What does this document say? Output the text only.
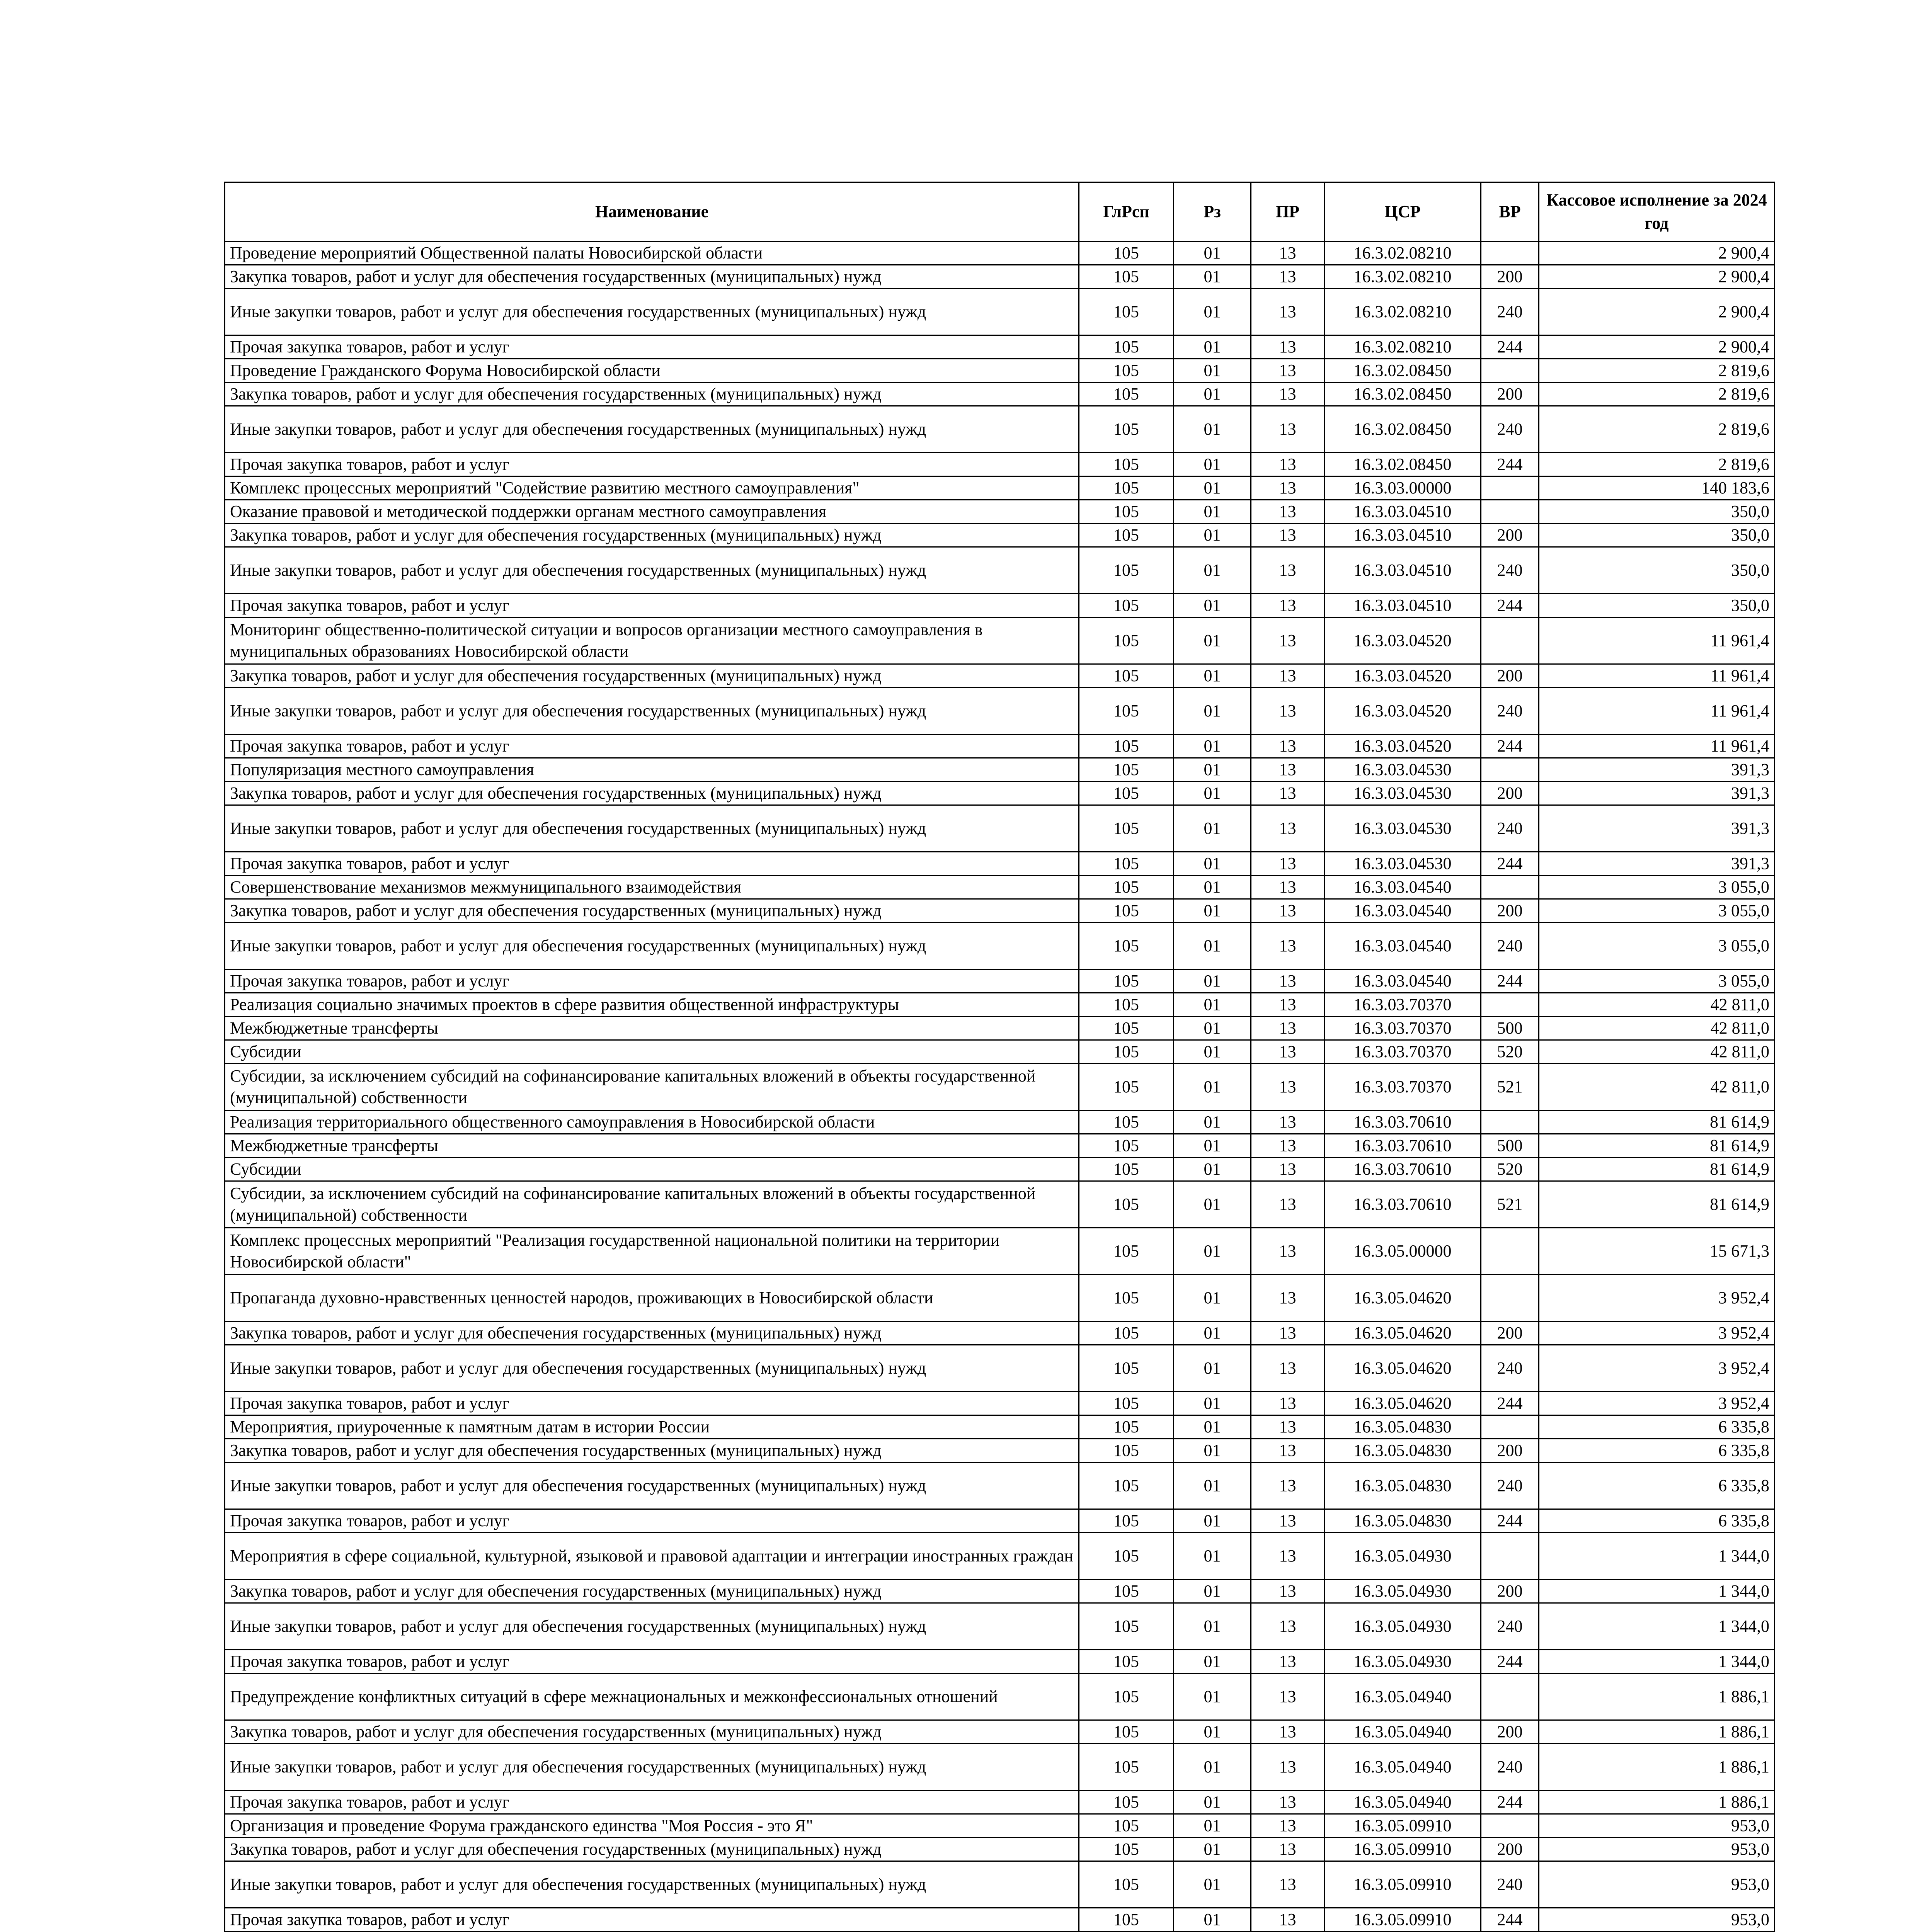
Наименование	ГлРсп	Рз	ПР	ЦСР	ВР	Кассовое исполнение за 2024 год
Проведение мероприятий Общественной палаты Новосибирской области	105	01	13	16.3.02.08210		2 900,4
Закупка товаров, работ и услуг для обеспечения государственных (муниципальных) нужд	105	01	13	16.3.02.08210	200	2 900,4
Иные закупки товаров, работ и услуг для обеспечения государственных (муниципальных) нужд	105	01	13	16.3.02.08210	240	2 900,4
Прочая закупка товаров, работ и услуг	105	01	13	16.3.02.08210	244	2 900,4
Проведение Гражданского Форума Новосибирской области	105	01	13	16.3.02.08450		2 819,6
Закупка товаров, работ и услуг для обеспечения государственных (муниципальных) нужд	105	01	13	16.3.02.08450	200	2 819,6
Иные закупки товаров, работ и услуг для обеспечения государственных (муниципальных) нужд	105	01	13	16.3.02.08450	240	2 819,6
Прочая закупка товаров, работ и услуг	105	01	13	16.3.02.08450	244	2 819,6
Комплекс процессных мероприятий "Содействие развитию местного самоуправления"	105	01	13	16.3.03.00000		140 183,6
Оказание правовой и методической поддержки органам местного самоуправления	105	01	13	16.3.03.04510		350,0
Закупка товаров, работ и услуг для обеспечения государственных (муниципальных) нужд	105	01	13	16.3.03.04510	200	350,0
Иные закупки товаров, работ и услуг для обеспечения государственных (муниципальных) нужд	105	01	13	16.3.03.04510	240	350,0
Прочая закупка товаров, работ и услуг	105	01	13	16.3.03.04510	244	350,0
Мониторинг общественно-политической ситуации и вопросов организации местного самоуправления в муниципальных образованиях Новосибирской области	105	01	13	16.3.03.04520		11 961,4
Закупка товаров, работ и услуг для обеспечения государственных (муниципальных) нужд	105	01	13	16.3.03.04520	200	11 961,4
Иные закупки товаров, работ и услуг для обеспечения государственных (муниципальных) нужд	105	01	13	16.3.03.04520	240	11 961,4
Прочая закупка товаров, работ и услуг	105	01	13	16.3.03.04520	244	11 961,4
Популяризация местного самоуправления	105	01	13	16.3.03.04530		391,3
Закупка товаров, работ и услуг для обеспечения государственных (муниципальных) нужд	105	01	13	16.3.03.04530	200	391,3
Иные закупки товаров, работ и услуг для обеспечения государственных (муниципальных) нужд	105	01	13	16.3.03.04530	240	391,3
Прочая закупка товаров, работ и услуг	105	01	13	16.3.03.04530	244	391,3
Совершенствование механизмов межмуниципального взаимодействия	105	01	13	16.3.03.04540		3 055,0
Закупка товаров, работ и услуг для обеспечения государственных (муниципальных) нужд	105	01	13	16.3.03.04540	200	3 055,0
Иные закупки товаров, работ и услуг для обеспечения государственных (муниципальных) нужд	105	01	13	16.3.03.04540	240	3 055,0
Прочая закупка товаров, работ и услуг	105	01	13	16.3.03.04540	244	3 055,0
Реализация социально значимых проектов в сфере развития общественной инфраструктуры	105	01	13	16.3.03.70370		42 811,0
Межбюджетные трансферты	105	01	13	16.3.03.70370	500	42 811,0
Субсидии	105	01	13	16.3.03.70370	520	42 811,0
Субсидии, за исключением субсидий на софинансирование капитальных вложений в объекты государственной (муниципальной) собственности	105	01	13	16.3.03.70370	521	42 811,0
Реализация территориального общественного самоуправления в Новосибирской области	105	01	13	16.3.03.70610		81 614,9
Межбюджетные трансферты	105	01	13	16.3.03.70610	500	81 614,9
Субсидии	105	01	13	16.3.03.70610	520	81 614,9
Субсидии, за исключением субсидий на софинансирование капитальных вложений в объекты государственной (муниципальной) собственности	105	01	13	16.3.03.70610	521	81 614,9
Комплекс процессных мероприятий "Реализация государственной национальной политики на территории Новосибирской области"	105	01	13	16.3.05.00000		15 671,3
Пропаганда духовно-нравственных ценностей народов, проживающих в Новосибирской области	105	01	13	16.3.05.04620		3 952,4
Закупка товаров, работ и услуг для обеспечения государственных (муниципальных) нужд	105	01	13	16.3.05.04620	200	3 952,4
Иные закупки товаров, работ и услуг для обеспечения государственных (муниципальных) нужд	105	01	13	16.3.05.04620	240	3 952,4
Прочая закупка товаров, работ и услуг	105	01	13	16.3.05.04620	244	3 952,4
Мероприятия, приуроченные к памятным датам в истории России	105	01	13	16.3.05.04830		6 335,8
Закупка товаров, работ и услуг для обеспечения государственных (муниципальных) нужд	105	01	13	16.3.05.04830	200	6 335,8
Иные закупки товаров, работ и услуг для обеспечения государственных (муниципальных) нужд	105	01	13	16.3.05.04830	240	6 335,8
Прочая закупка товаров, работ и услуг	105	01	13	16.3.05.04830	244	6 335,8
Мероприятия в сфере социальной, культурной, языковой и правовой адаптации и интеграции иностранных граждан	105	01	13	16.3.05.04930		1 344,0
Закупка товаров, работ и услуг для обеспечения государственных (муниципальных) нужд	105	01	13	16.3.05.04930	200	1 344,0
Иные закупки товаров, работ и услуг для обеспечения государственных (муниципальных) нужд	105	01	13	16.3.05.04930	240	1 344,0
Прочая закупка товаров, работ и услуг	105	01	13	16.3.05.04930	244	1 344,0
Предупреждение конфликтных ситуаций в сфере межнациональных и межконфессиональных отношений	105	01	13	16.3.05.04940		1 886,1
Закупка товаров, работ и услуг для обеспечения государственных (муниципальных) нужд	105	01	13	16.3.05.04940	200	1 886,1
Иные закупки товаров, работ и услуг для обеспечения государственных (муниципальных) нужд	105	01	13	16.3.05.04940	240	1 886,1
Прочая закупка товаров, работ и услуг	105	01	13	16.3.05.04940	244	1 886,1
Организация и проведение Форума гражданского единства "Моя Россия - это Я"	105	01	13	16.3.05.09910		953,0
Закупка товаров, работ и услуг для обеспечения государственных (муниципальных) нужд	105	01	13	16.3.05.09910	200	953,0
Иные закупки товаров, работ и услуг для обеспечения государственных (муниципальных) нужд	105	01	13	16.3.05.09910	240	953,0
Прочая закупка товаров, работ и услуг	105	01	13	16.3.05.09910	244	953,0
